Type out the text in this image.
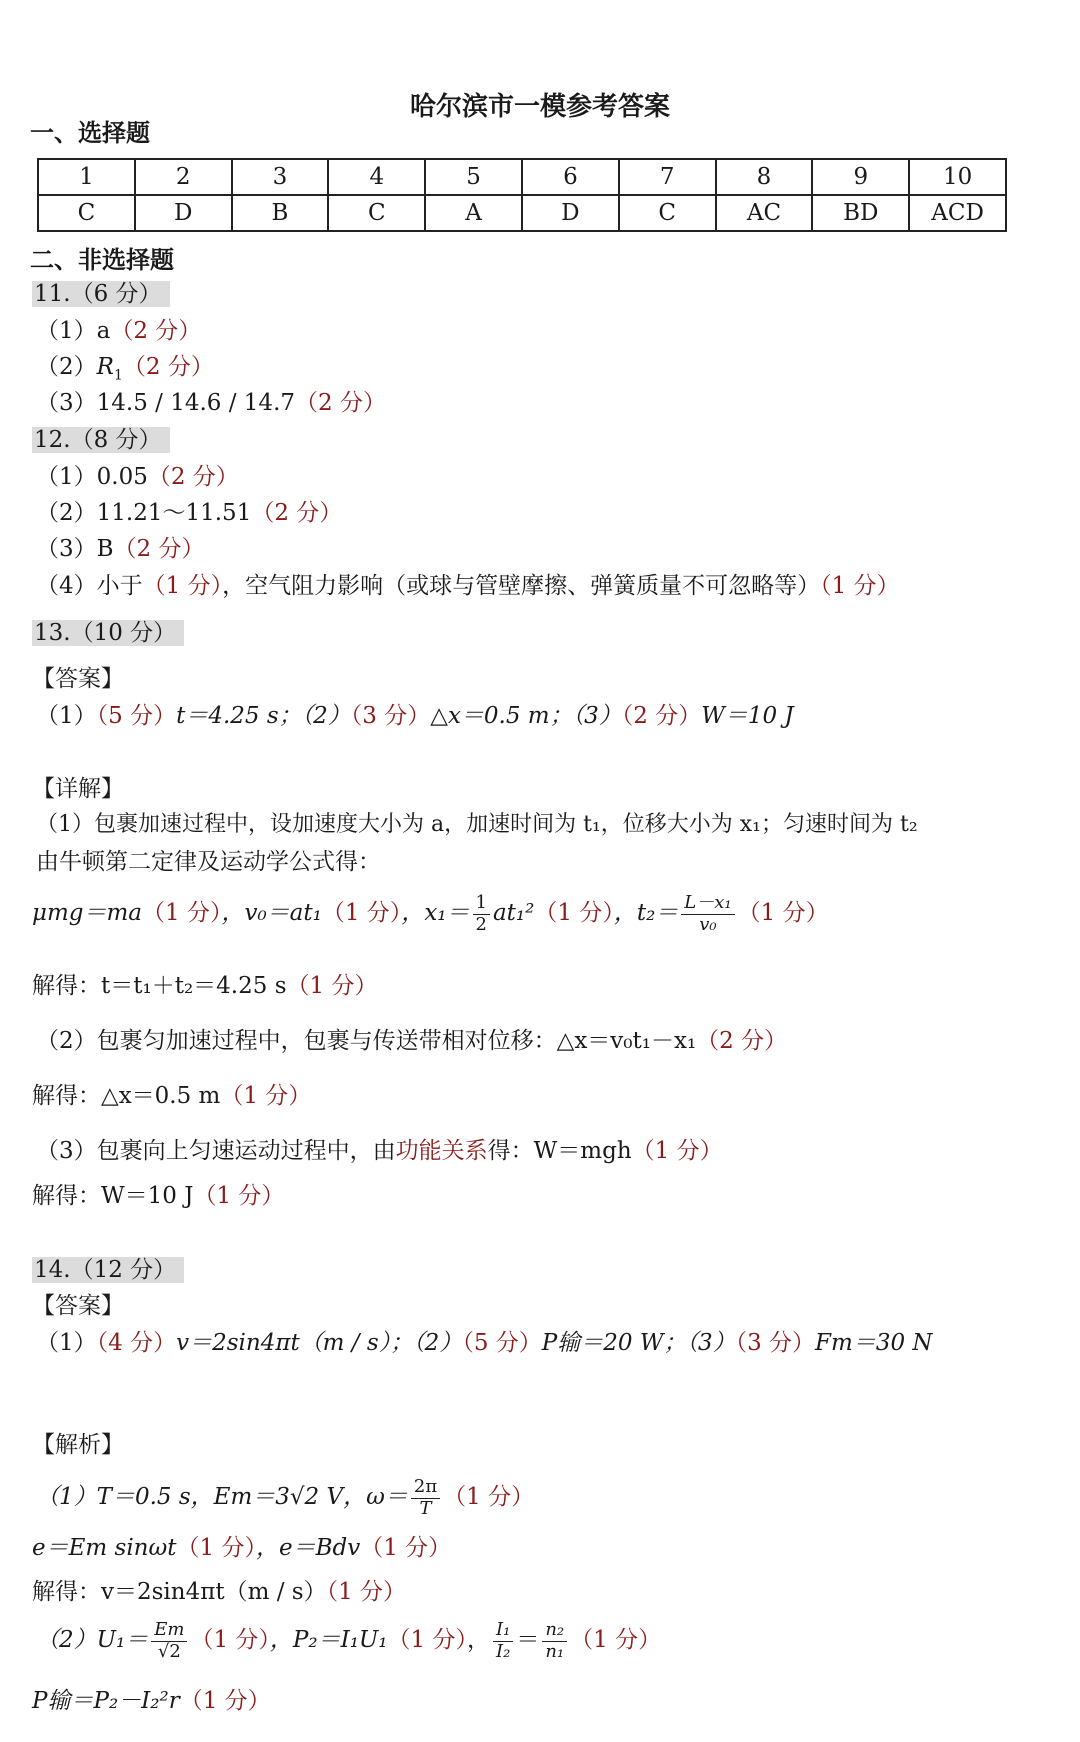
哈尔滨市一模参考答案
一、选择题
1	2	3	4	5	6	7	8	9	10
C	D	B	C	A	D	C	AC	BD	ACD
二、非选择题
11.（6 分）
（1）a（2 分）
$(2)R_1(2$ 分）
（3）14.5 / 14.6 / 14.7（2 分）
12.（8 分）
（1）0.05（2 分）
（2）11.21～11.51（2 分）
（3）B（2 分）
（4）小于（1 分），空气阻力影响（或球与管壁摩擦、弹簧质量不可忽略等）（1 分）
13.（10 分）
【答案】
（1）（5 分）t＝4.25 s；（2）（3 分）△x＝0.5 m；（3）（2 分）W＝10 J
【详解】
（1）包裹加速过程中，设加速度大小为 a，加速时间为 t₁，位移大小为 x₁；匀速时间为 t₂
由牛顿第二定律及运动学公式得：
μmg＝ma（1 分），v₀＝at₁（1 分），$x_1= \frac{1}{2} at_1^2(1$ 分），$t_2= \frac{\text{L－x₁}}{\text{v₀}} (1$ 分）
解得：t＝t₁＋t₂＝4.25 s（1 分）
（2）包裹匀加速过程中，包裹与传送带相对位移：△x＝v₀t₁－x₁（2 分）
解得：△x＝0.5 m（1 分）
（3）包裹向上匀速运动过程中，由功能关系得：W＝mgh（1 分）
解得：W＝10 J（1 分）
14.（12 分）
【答案】
（1）（4 分）v＝2sin4πt（m / s）；（2）（5 分）P输＝20 W；（3）（3 分）Fm＝30 N
【解析】
（1）T＝0.5 s，Em＝3√2 V，$\omega= \frac{2\pi}{T} (1$ 分）
e＝Em sinωt（1 分），e＝Bdv（1 分）
解得：v＝2sin4πt（m / s）（1 分）
$(2)U_1= \frac{Em}{√2} (1$ 分），P₂＝I₁U₁（1 分）， $\frac{\text{I₁}}{\text{I₂}} = \frac{\text{n₂}}{\text{n₁}} (1$ 分）
P输＝P₂－I₂²r（1 分）
